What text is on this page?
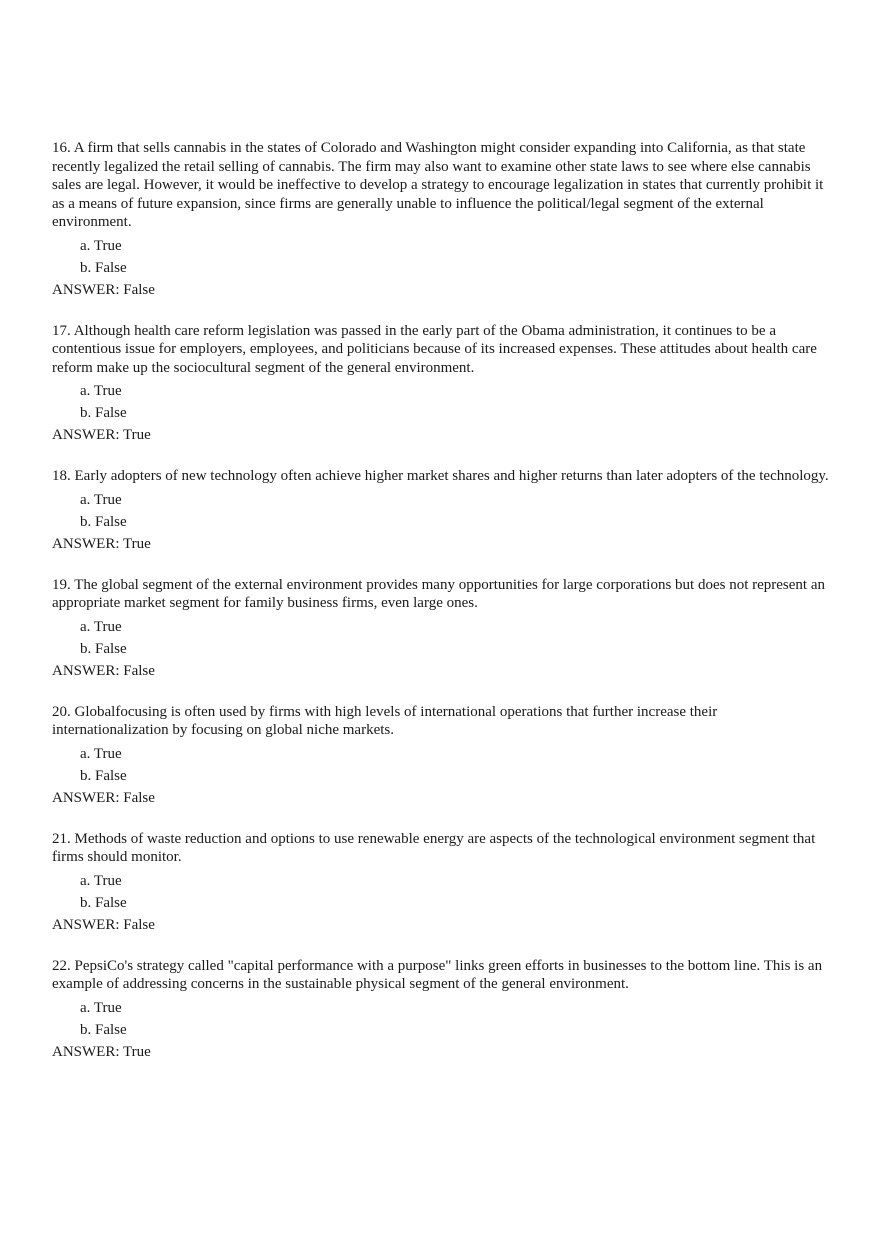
16. A firm that sells cannabis in the states of Colorado and Washington might consider expanding into California, as that state recently legalized the retail selling of cannabis. The firm may also want to examine other state laws to see where else cannabis sales are legal. However, it would be ineffective to develop a strategy to encourage legalization in states that currently prohibit it as a means of future expansion, since firms are generally unable to influence the political/legal segment of the external environment.

a. True
b. False
ANSWER: False

17. Although health care reform legislation was passed in the early part of the Obama administration, it continues to be a contentious issue for employers, employees, and politicians because of its increased expenses. These attitudes about health care reform make up the sociocultural segment of the general environment.

a. True
b. False
ANSWER: True

18. Early adopters of new technology often achieve higher market shares and higher returns than later adopters of the technology.

a. True
b. False
ANSWER: True

19. The global segment of the external environment provides many opportunities for large corporations but does not represent an appropriate market segment for family business firms, even large ones.

a. True
b. False
ANSWER: False

20. Globalfocusing is often used by firms with high levels of international operations that further increase their internationalization by focusing on global niche markets.

a. True
b. False
ANSWER: False

21. Methods of waste reduction and options to use renewable energy are aspects of the technological environment segment that firms should monitor.

a. True
b. False
ANSWER: False

22. PepsiCo's strategy called "capital performance with a purpose" links green efforts in businesses to the bottom line. This is an example of addressing concerns in the sustainable physical segment of the general environment.

a. True
b. False
ANSWER: True
